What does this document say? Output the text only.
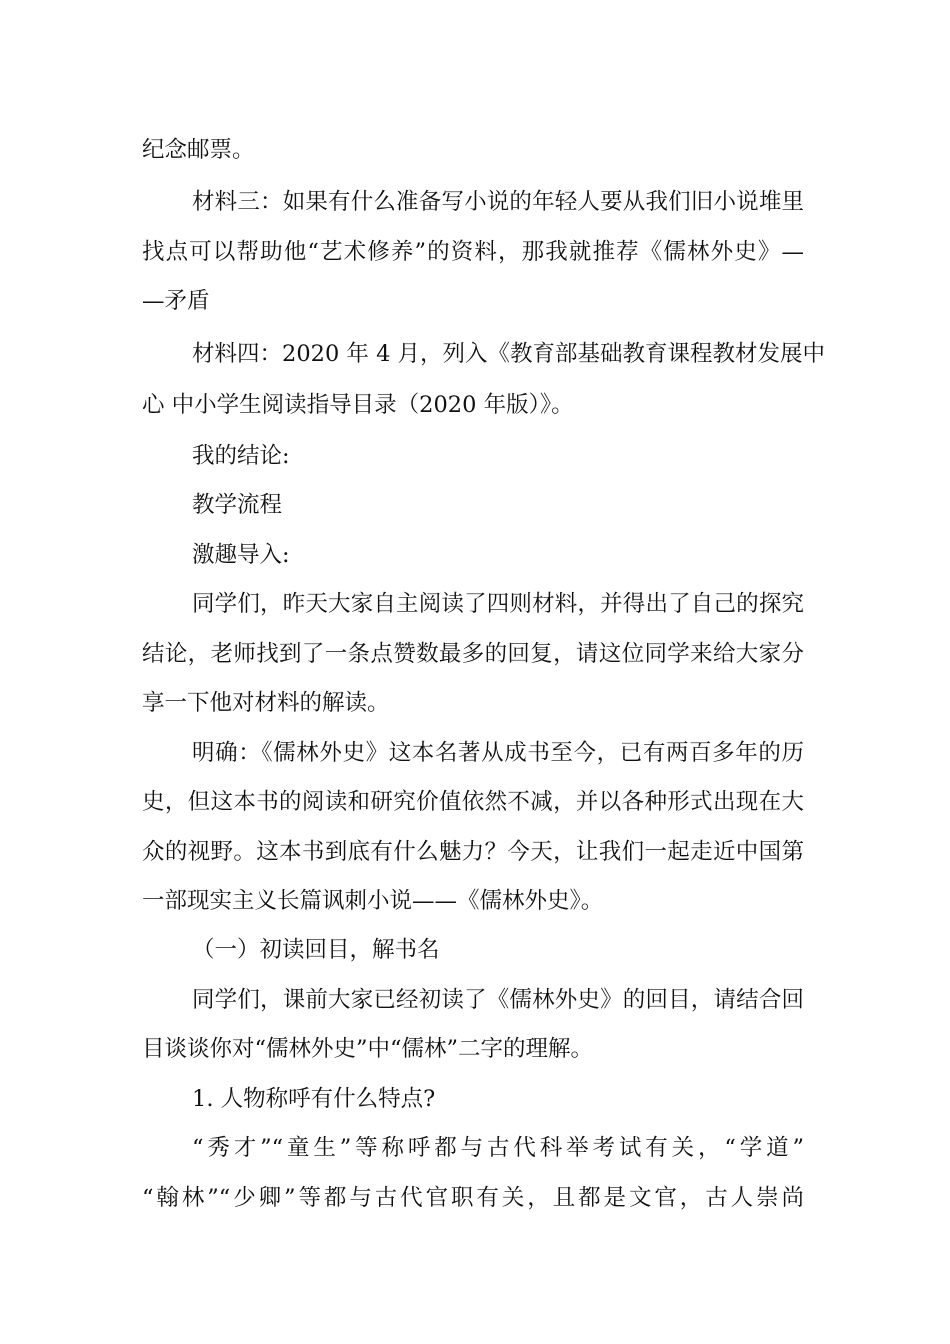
纪念邮票。
材料三：如果有什么准备写小说的年轻人要从我们旧小说堆里
找点可以帮助他“艺术修养”的资料，那我就推荐《儒林外史》—
—矛盾
材料四：2020 年 4 月，列入《教育部基础教育课程教材发展中
心 中小学生阅读指导目录（2020 年版）》。
我的结论:
教学流程
激趣导入:
同学们，昨天大家自主阅读了四则材料，并得出了自己的探究
结论，老师找到了一条点赞数最多的回复，请这位同学来给大家分
享一下他对材料的解读。
明确：《儒林外史》这本名著从成书至今，已有两百多年的历
史，但这本书的阅读和研究价值依然不减，并以各种形式出现在大
众的视野。这本书到底有什么魅力？今天，让我们一起走近中国第
一部现实主义长篇讽刺小说——《儒林外史》。
（一）初读回目，解书名
同学们，课前大家已经初读了《儒林外史》的回目，请结合回
目谈谈你对“儒林外史”中“儒林”二字的理解。
1. 人物称呼有什么特点?
“秀才”“童生”等称呼都与古代科举考试有关，“学道”
“翰林”“少卿”等都与古代官职有关，且都是文官，古人崇尚
